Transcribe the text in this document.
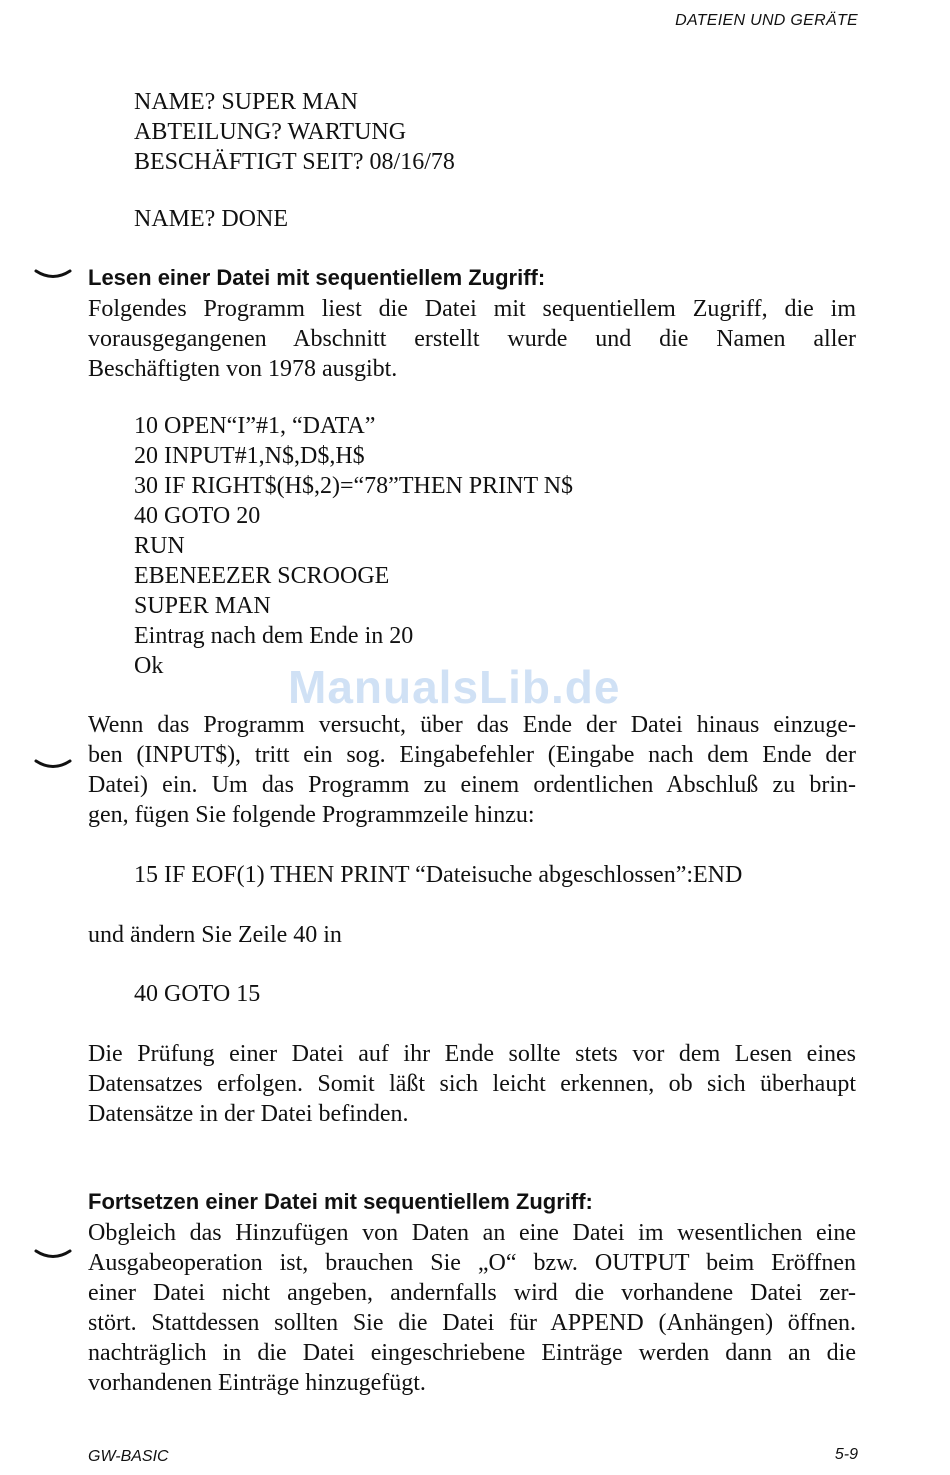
DATEIEN UND GERÄTE
NAME? SUPER MAN
ABTEILUNG? WARTUNG
BESCHÄFTIGT SEIT? 08/16/78
NAME? DONE
Lesen einer Datei mit sequentiellem Zugriff:
Folgendes Programm liest die Datei mit sequentiellem Zugriff, die im
vorausgegangenen Abschnitt erstellt wurde und die Namen aller
Beschäftigten von 1978 ausgibt.
10 OPEN“I”#1, “DATA”
20 INPUT#1,N$,D$,H$
30 IF RIGHT$(H$,2)=“78”THEN PRINT N$
40 GOTO 20
RUN
EBENEEZER SCROOGE
SUPER MAN
Eintrag nach dem Ende in 20
Ok	ManualsLib.de
Wenn das Programm versucht, über das Ende der Datei hinaus einzuge-
ben (INPUT$), tritt ein sog. Eingabefehler (Eingabe nach dem Ende der
Datei) ein. Um das Programm zu einem ordentlichen Abschluß zu brin-
gen, fügen Sie folgende Programmzeile hinzu:
15 IF EOF(1) THEN PRINT “Dateisuche abgeschlossen”:END
und ändern Sie Zeile 40 in
40 GOTO 15
Die Prüfung einer Datei auf ihr Ende sollte stets vor dem Lesen eines
Datensatzes erfolgen. Somit läßt sich leicht erkennen, ob sich überhaupt
Datensätze in der Datei befinden.
Fortsetzen einer Datei mit sequentiellem Zugriff:
Obgleich das Hinzufügen von Daten an eine Datei im wesentlichen eine
Ausgabeoperation ist, brauchen Sie „O“ bzw. OUTPUT beim Eröffnen
einer Datei nicht angeben, andernfalls wird die vorhandene Datei zer-
stört. Stattdessen sollten Sie die Datei für APPEND (Anhängen) öffnen.
nachträglich in die Datei eingeschriebene Einträge werden dann an die
vorhandenen Einträge hinzugefügt.
GW-BASIC	5-9
